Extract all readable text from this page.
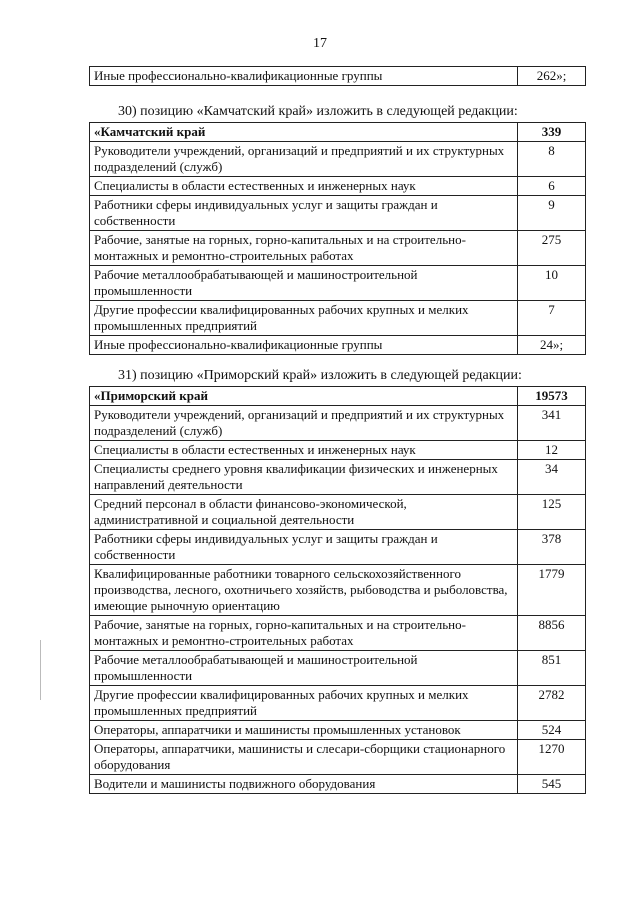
17
Иные профессионально-квалификационные группы	262»;
30) позицию «Камчатский край» изложить в следующей редакции:
«Камчатский край	339
Руководители учреждений, организаций и предприятий и их структурных подразделений (служб)	8
Специалисты в области естественных и инженерных наук	6
Работники сферы индивидуальных услуг и защиты граждан и собственности	9
Рабочие, занятые на горных, горно-капитальных и на строительно-монтажных и ремонтно-строительных работах	275
Рабочие металлообрабатывающей и машиностроительной промышленности	10
Другие профессии квалифицированных рабочих крупных и мелких промышленных предприятий	7
Иные профессионально-квалификационные группы	24»;
31) позицию «Приморский край» изложить в следующей редакции:
«Приморский край	19573
Руководители учреждений, организаций и предприятий и их структурных подразделений (служб)	341
Специалисты в области естественных и инженерных наук	12
Специалисты среднего уровня квалификации физических и инженерных направлений деятельности	34
Средний персонал в области финансово-экономической, административной и социальной деятельности	125
Работники сферы индивидуальных услуг и защиты граждан и собственности	378
Квалифицированные работники товарного сельскохозяйственного производства, лесного, охотничьего хозяйств, рыбоводства и рыболовства, имеющие рыночную ориентацию	1779
Рабочие, занятые на горных, горно-капитальных и на строительно-монтажных и ремонтно-строительных работах	8856
Рабочие металлообрабатывающей и машиностроительной промышленности	851
Другие профессии квалифицированных рабочих крупных и мелких промышленных предприятий	2782
Операторы, аппаратчики и машинисты промышленных установок	524
Операторы, аппаратчики, машинисты и слесари-сборщики стационарного оборудования	1270
Водители и машинисты подвижного оборудования	545
